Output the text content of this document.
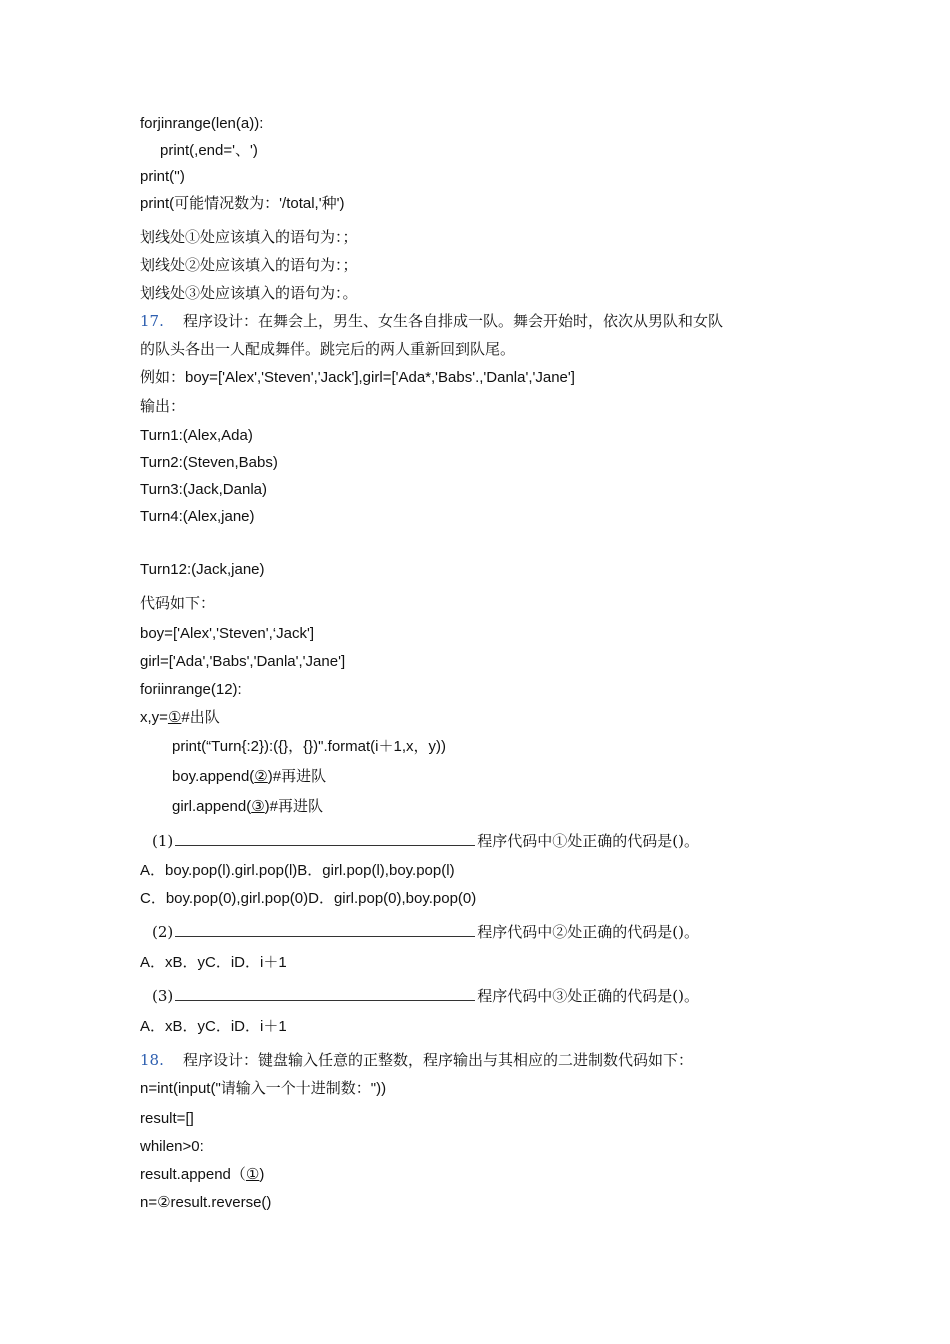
forjinrange(len(a)):
print(,end='、')
print('')
print(可能情况数为：'/total,'种')
划线处①处应该填入的语句为：；
划线处②处应该填入的语句为：；
划线处③处应该填入的语句为：。
17. 程序设计：在舞会上，男生、女生各自排成一队。舞会开始时，依次从男队和女队
的队头各出一人配成舞伴。跳完后的两人重新回到队尾。
例如：boy=['Alex','Steven','Jack'],girl=['Ada*,'Babs'.,'Danla','Jane']
输出：
Turn1:(Alex,Ada)
Turn2:(Steven,Babs)
Turn3:(Jack,Danla)
Turn4:(Alex,jane)
Turn12:(Jack,jane)
代码如下：
boy=['Alex','Steven',‘Jack']
girl=['Ada','Babs','Danla','Jane']
foriinrange(12):
x,y=①#出队
print(“Turn{:2}):({}，{})".format(i＋1,x，y))
boy.append(②)#再进队
girl.append(③)#再进队
(1)	程序代码中①处正确的代码是()。
A．boy.pop(l).girl.pop(l)B．girl.pop(l),boy.pop(l)
C．boy.pop(0),girl.pop(0)D．girl.pop(0),boy.pop(0)
(2)	程序代码中②处正确的代码是()。
A．xB．yC．iD．i＋1
(3)	程序代码中③处正确的代码是()。
A．xB．yC．iD．i＋1
18. 程序设计：键盘输入任意的正整数，程序输出与其相应的二进制数代码如下：
n=int(input("请输入一个十进制数："))
result=[]
whilen>0:
result.append（①)
n=②result.reverse()
